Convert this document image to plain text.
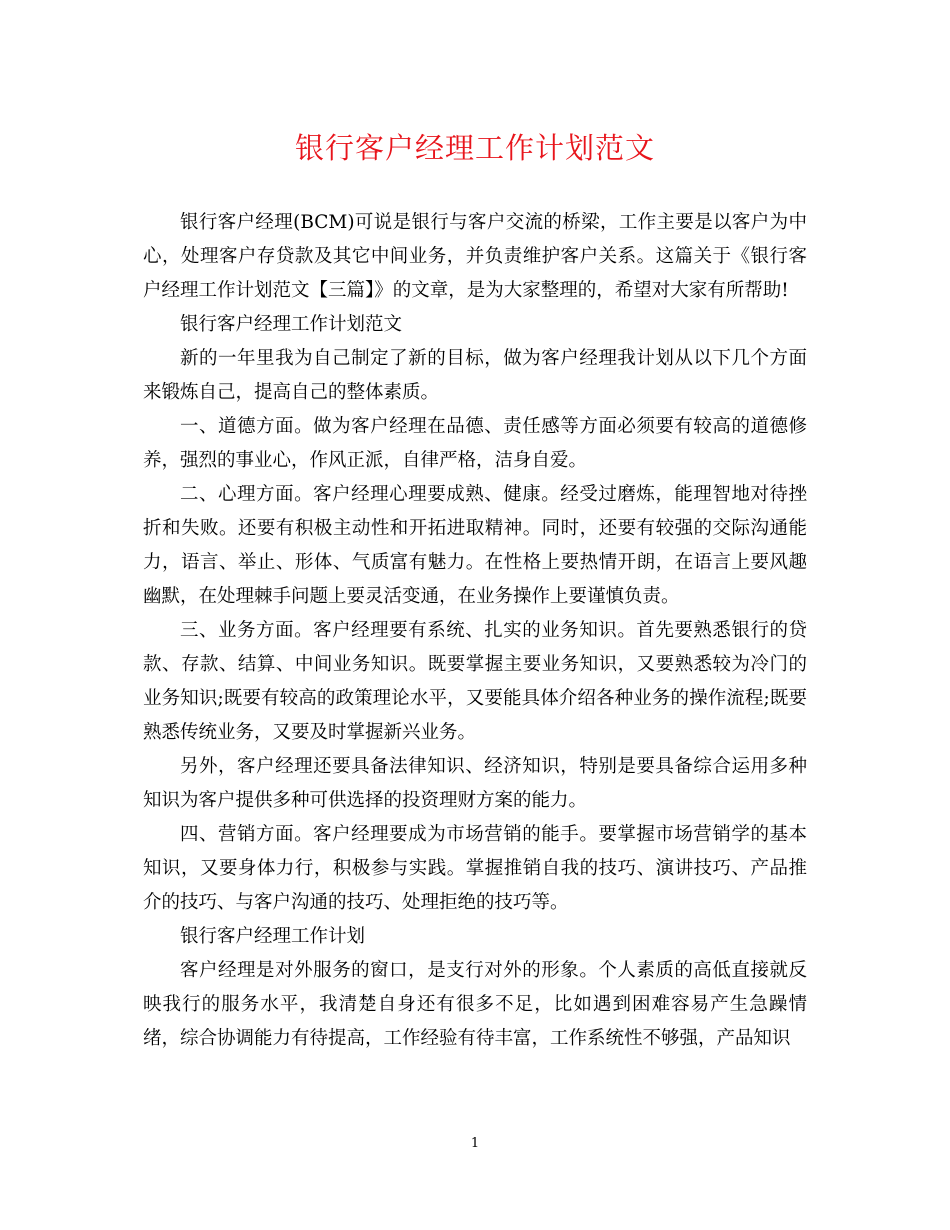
银行客户经理工作计划范文

银行客户经理(BCM)可说是银行与客户交流的桥梁，工作主要是以客户为中心，处理客户存贷款及其它中间业务，并负责维护客户关系。这篇关于《银行客户经理工作计划范文【三篇】》的文章，是为大家整理的，希望对大家有所帮助!

银行客户经理工作计划范文

新的一年里我为自己制定了新的目标，做为客户经理我计划从以下几个方面来锻炼自己，提高自己的整体素质。

一、道德方面。做为客户经理在品德、责任感等方面必须要有较高的道德修养，强烈的事业心，作风正派，自律严格，洁身自爱。

二、心理方面。客户经理心理要成熟、健康。经受过磨炼，能理智地对待挫折和失败。还要有积极主动性和开拓进取精神。同时，还要有较强的交际沟通能力，语言、举止、形体、气质富有魅力。在性格上要热情开朗，在语言上要风趣幽默，在处理棘手问题上要灵活变通，在业务操作上要谨慎负责。

三、业务方面。客户经理要有系统、扎实的业务知识。首先要熟悉银行的贷款、存款、结算、中间业务知识。既要掌握主要业务知识，又要熟悉较为冷门的业务知识;既要有较高的政策理论水平，又要能具体介绍各种业务的操作流程;既要熟悉传统业务，又要及时掌握新兴业务。

另外，客户经理还要具备法律知识、经济知识，特别是要具备综合运用多种知识为客户提供多种可供选择的投资理财方案的能力。

四、营销方面。客户经理要成为市场营销的能手。要掌握市场营销学的基本知识，又要身体力行，积极参与实践。掌握推销自我的技巧、演讲技巧、产品推介的技巧、与客户沟通的技巧、处理拒绝的技巧等。

银行客户经理工作计划

客户经理是对外服务的窗口，是支行对外的形象。个人素质的高低直接就反映我行的服务水平，我清楚自身还有很多不足，比如遇到困难容易产生急躁情绪，综合协调能力有待提高，工作经验有待丰富，工作系统性不够强，产品知识

1
